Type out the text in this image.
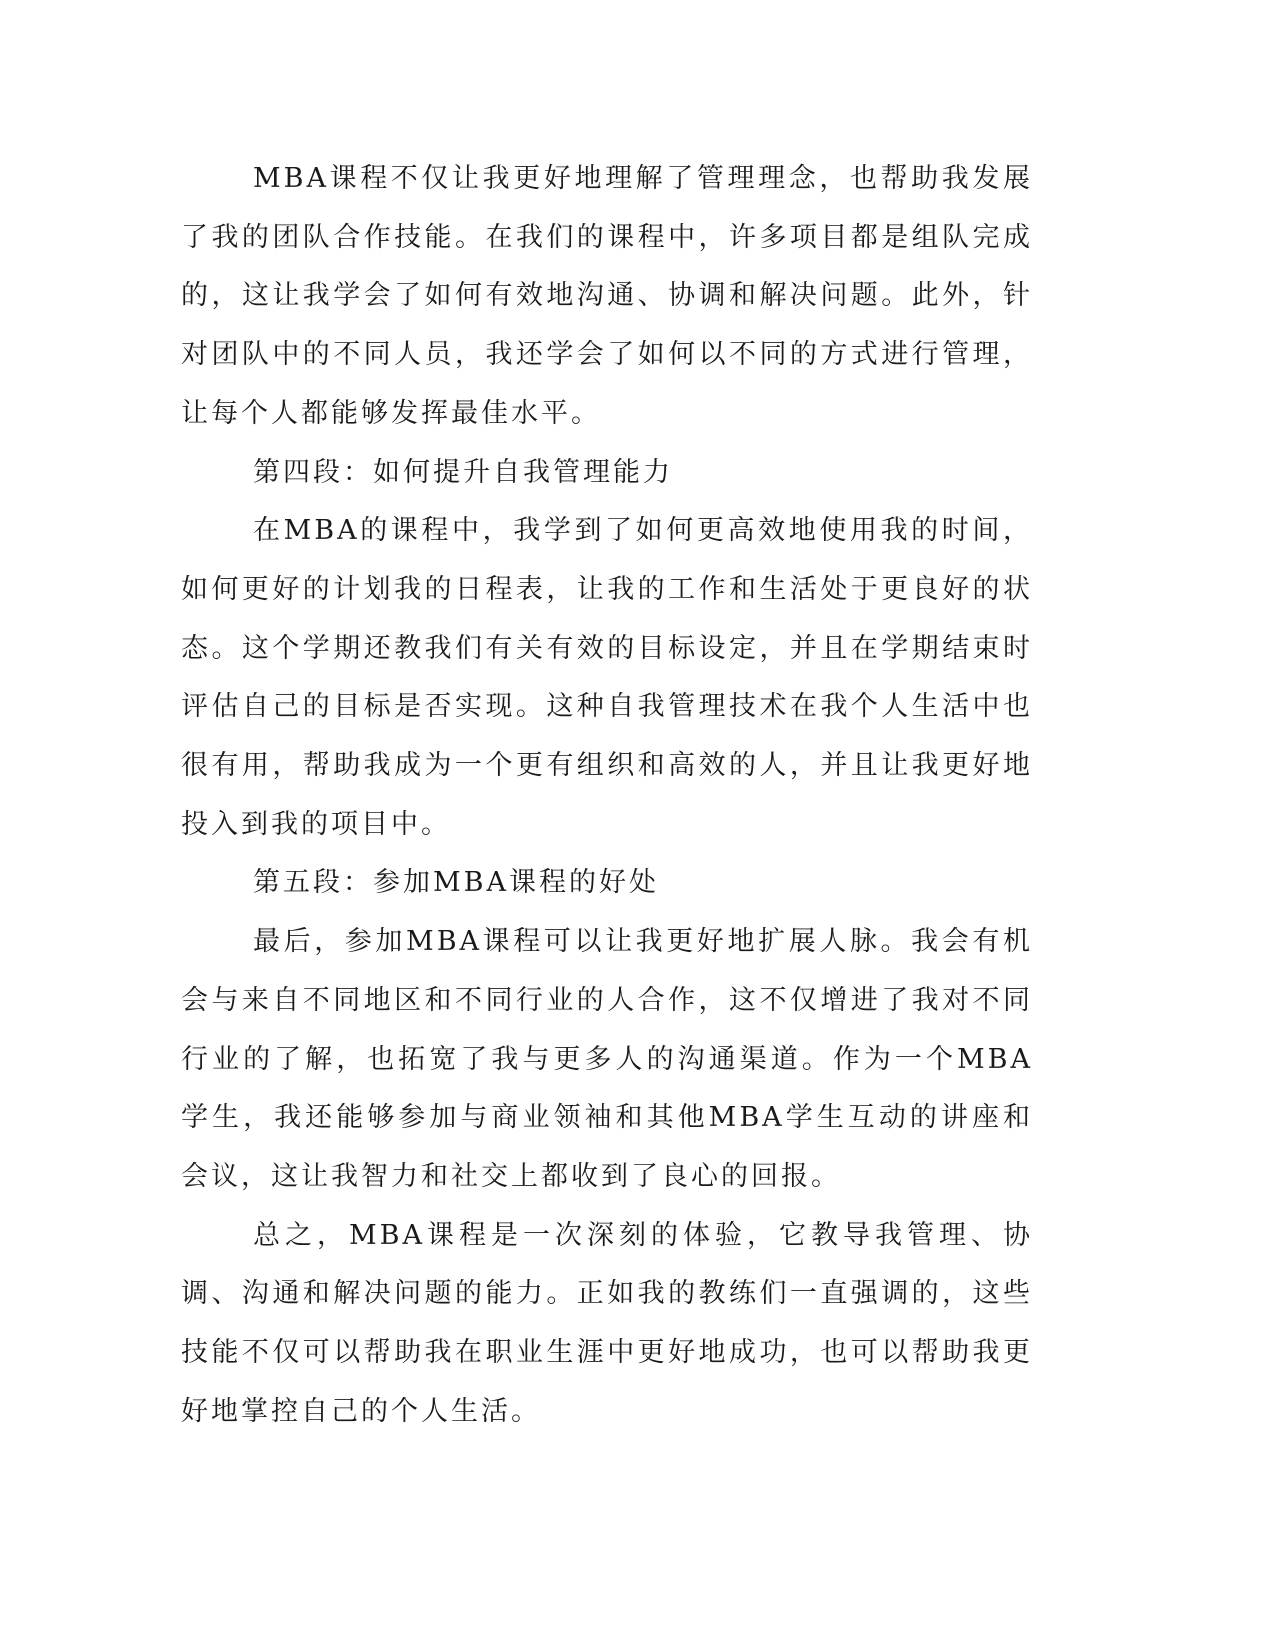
MBA课程不仅让我更好地理解了管理理念，也帮助我发展了我的团队合作技能。在我们的课程中，许多项目都是组队完成的，这让我学会了如何有效地沟通、协调和解决问题。此外，针对团队中的不同人员，我还学会了如何以不同的方式进行管理，让每个人都能够发挥最佳水平。

第四段：如何提升自我管理能力

在MBA的课程中，我学到了如何更高效地使用我的时间，如何更好的计划我的日程表，让我的工作和生活处于更良好的状态。这个学期还教我们有关有效的目标设定，并且在学期结束时评估自己的目标是否实现。这种自我管理技术在我个人生活中也很有用，帮助我成为一个更有组织和高效的人，并且让我更好地投入到我的项目中。

第五段：参加MBA课程的好处

最后，参加MBA课程可以让我更好地扩展人脉。我会有机会与来自不同地区和不同行业的人合作，这不仅增进了我对不同行业的了解，也拓宽了我与更多人的沟通渠道。作为一个MBA学生，我还能够参加与商业领袖和其他MBA学生互动的讲座和会议，这让我智力和社交上都收到了良心的回报。

总之，MBA课程是一次深刻的体验，它教导我管理、协调、沟通和解决问题的能力。正如我的教练们一直强调的，这些技能不仅可以帮助我在职业生涯中更好地成功，也可以帮助我更好地掌控自己的个人生活。
